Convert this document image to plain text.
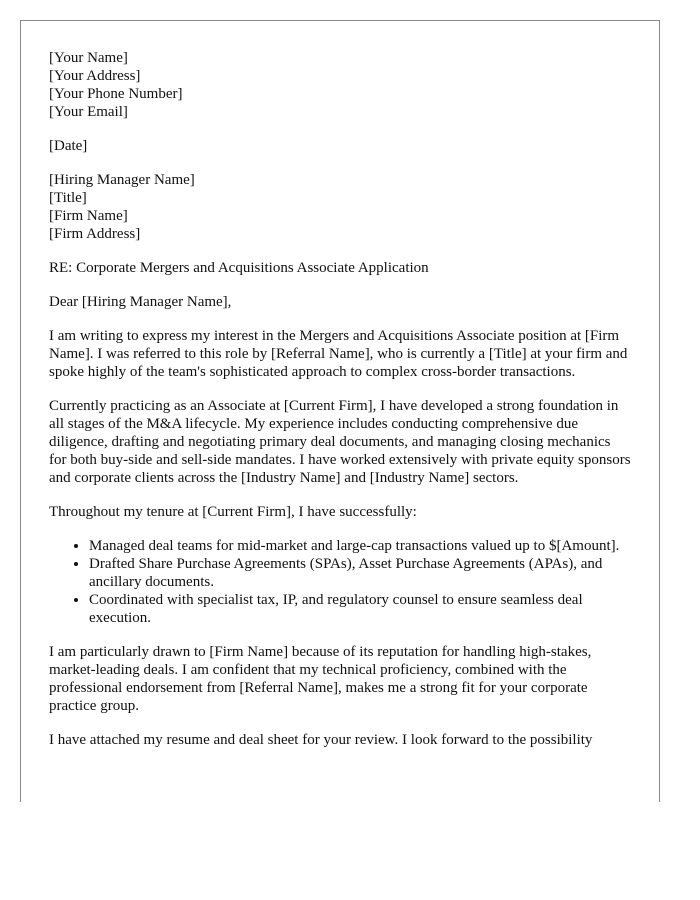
[Your Name]
[Your Address]
[Your Phone Number]
[Your Email]
[Date]
[Hiring Manager Name]
[Title]
[Firm Name]
[Firm Address]

RE: Corporate Mergers and Acquisitions Associate Application

Dear [Hiring Manager Name],

I am writing to express my interest in the Mergers and Acquisitions Associate position at [Firm Name]. I was referred to this role by [Referral Name], who is currently a [Title] at your firm and spoke highly of the team's sophisticated approach to complex cross-border transactions.

Currently practicing as an Associate at [Current Firm], I have developed a strong foundation in all stages of the M&A lifecycle. My experience includes conducting comprehensive due diligence, drafting and negotiating primary deal documents, and managing closing mechanics for both buy-side and sell-side mandates. I have worked extensively with private equity sponsors and corporate clients across the [Industry Name] and [Industry Name] sectors.

Throughout my tenure at [Current Firm], I have successfully:

• Managed deal teams for mid-market and large-cap transactions valued up to $[Amount].
• Drafted Share Purchase Agreements (SPAs), Asset Purchase Agreements (APAs), and ancillary documents.
• Coordinated with specialist tax, IP, and regulatory counsel to ensure seamless deal execution.

I am particularly drawn to [Firm Name] because of its reputation for handling high-stakes, market-leading deals. I am confident that my technical proficiency, combined with the professional endorsement from [Referral Name], makes me a strong fit for your corporate practice group.

I have attached my resume and deal sheet for your review. I look forward to the possibility
